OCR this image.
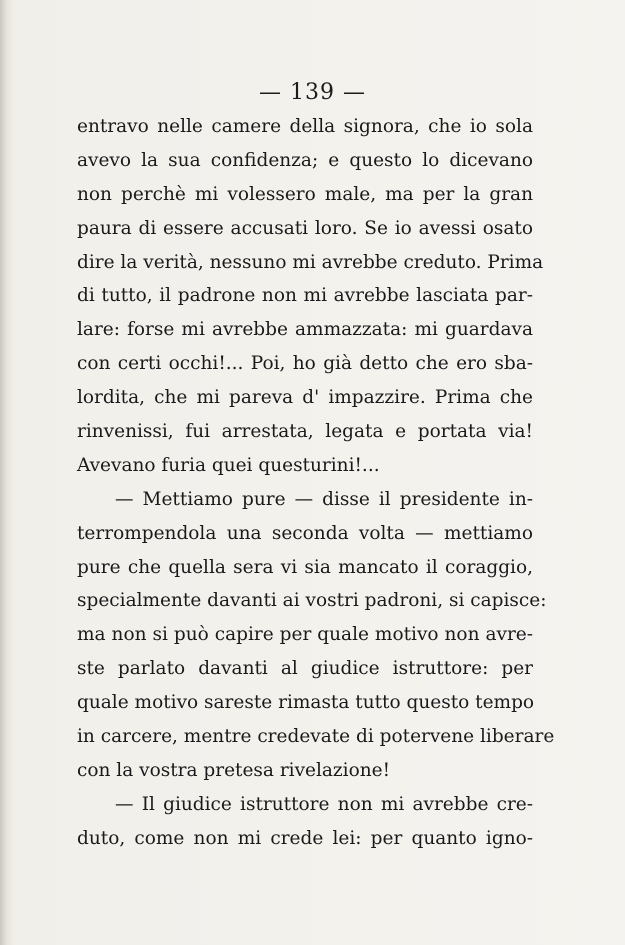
— 139 —
entravo nelle camere della signora, che io sola
avevo la sua confidenza; e questo lo dicevano
non perchè mi volessero male, ma per la gran
paura di essere accusati loro. Se io avessi osato
dire la verità, nessuno mi avrebbe creduto. Prima
di tutto, il padrone non mi avrebbe lasciata par-
lare: forse mi avrebbe ammazzata: mi guardava
con certi occhi!... Poi, ho già detto che ero sba-
lordita, che mi pareva d' impazzire. Prima che
rinvenissi, fui arrestata, legata e portata via!
Avevano furia quei questurini!...
— Mettiamo pure — disse il presidente in-
terrompendola una seconda volta — mettiamo
pure che quella sera vi sia mancato il coraggio,
specialmente davanti ai vostri padroni, si capisce:
ma non si può capire per quale motivo non avre-
ste parlato davanti al giudice istruttore: per
quale motivo sareste rimasta tutto questo tempo
in carcere, mentre credevate di potervene liberare
con la vostra pretesa rivelazione!
— Il giudice istruttore non mi avrebbe cre-
duto, come non mi crede lei: per quanto igno-
